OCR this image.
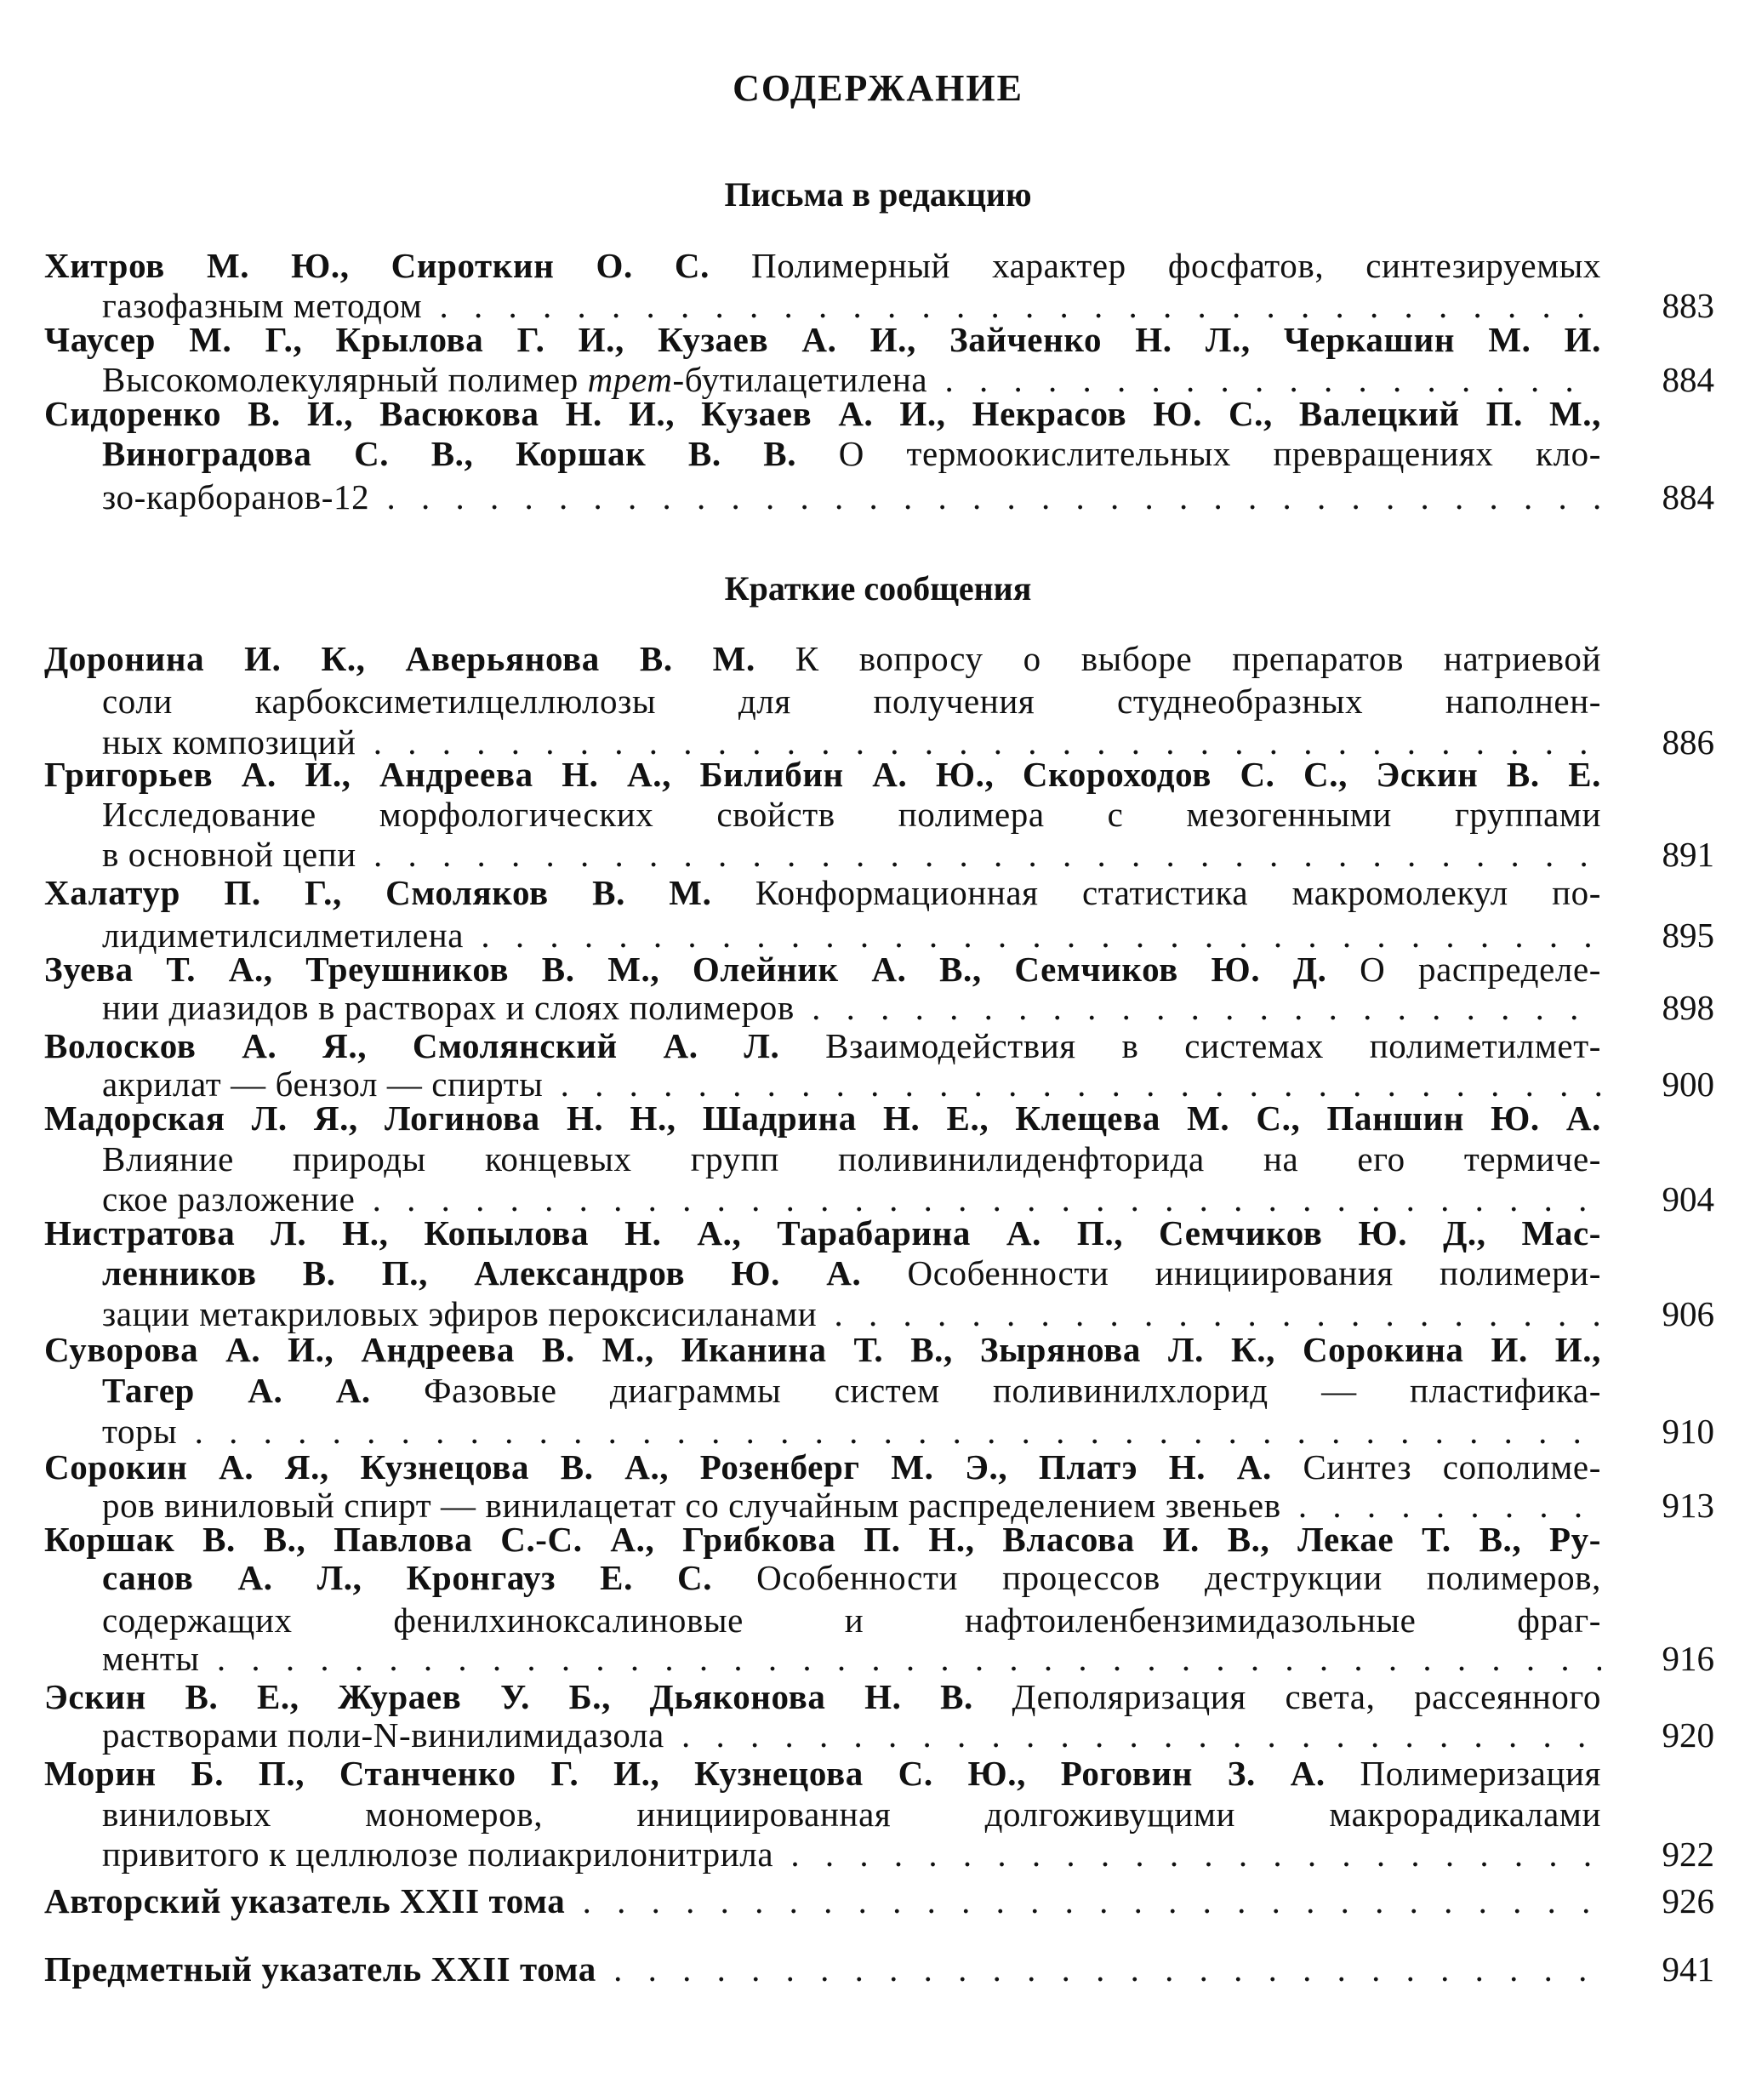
СОДЕРЖАНИЕ
Письма в редакцию
Хитров М. Ю., Сироткин О. С. Полимерный характер фосфатов, синтезируемых
газофазным методом . . .	883
Чаусер М. Г., Крылова Г. И., Кузаев А. И., Зайченко Н. Л., Черкашин М. И.
Высокомолекулярный полимер трет-бутилацетилена . . .	884
Сидоренко В. И., Васюкова Н. И., Кузаев А. И., Некрасов Ю. С., Валецкий П. М.,
Виноградова С. В., Коршак В. В. О термоокислительных превращениях кло-
зо-карборанов-12 . . .	884
Краткие сообщения
Доронина И. К., Аверьянова В. М. К вопросу о выборе препаратов натриевой
соли карбоксиметилцеллюлозы для получения студнеобразных наполнен-
ных композиций . . .	886
Григорьев А. И., Андреева Н. А., Билибин А. Ю., Скороходов С. С., Эскин В. Е.
Исследование морфологических свойств полимера с мезогенными группами
в основной цепи . . .	891
Халатур П. Г., Смоляков В. М. Конформационная статистика макромолекул по-
лидиметилсилметилена . . .	895
Зуева Т. А., Треушников В. М., Олейник А. В., Семчиков Ю. Д. О распределе-
нии диазидов в растворах и слоях полимеров . . .	898
Волосков А. Я., Смолянский А. Л. Взаимодействия в системах полиметилмет-
акрилат — бензол — спирты . . .	900
Мадорская Л. Я., Логинова Н. Н., Шадрина Н. Е., Клещева М. С., Паншин Ю. А.
Влияние природы концевых групп поливинилиденфторида на его термиче-
ское разложение . . .	904
Нистратова Л. Н., Копылова Н. А., Тарабарина А. П., Семчиков Ю. Д., Мас-
ленников В. П., Александров Ю. А. Особенности инициирования полимери-
зации метакриловых эфиров пероксисиланами . . .	906
Суворова А. И., Андреева В. М., Иканина Т. В., Зырянова Л. К., Сорокина И. И.,
Тагер А. А. Фазовые диаграммы систем поливинилхлорид — пластифика-
торы . . .	910
Сорокин А. Я., Кузнецова В. А., Розенберг М. Э., Платэ Н. А. Синтез сополиме-
ров виниловый спирт — винилацетат со случайным распределением звеньев . . .	913
Коршак В. В., Павлова С.-С. А., Грибкова П. Н., Власова И. В., Лекае Т. В., Ру-
санов А. Л., Кронгауз Е. С. Особенности процессов деструкции полимеров,
содержащих фенилхиноксалиновые и нафтоиленбензимидазольные фраг-
менты . . .	916
Эскин В. Е., Жураев У. Б., Дьяконова Н. В. Деполяризация света, рассеянного
растворами поли-N-винилимидазола . . .	920
Морин Б. П., Станченко Г. И., Кузнецова С. Ю., Роговин З. А. Полимеризация
виниловых мономеров, инициированная долгоживущими макрорадикалами
привитого к целлюлозе полиакрилонитрила . . .	922
Авторский указатель XXII тома . . .	926
Предметный указатель XXII тома . . .	941
